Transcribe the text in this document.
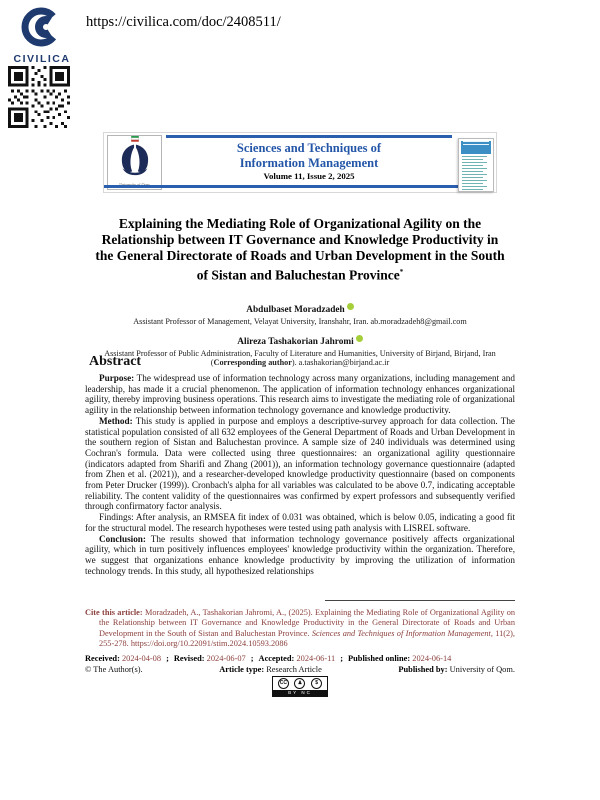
CIVILICA
https://civilica.com/doc/2408511/
Sciences and Techniques of
Information Management
Volume 11, Issue 2, 2025
Explaining the Mediating Role of Organizational Agility on the Relationship between IT Governance and Knowledge Productivity in the General Directorate of Roads and Urban Development in the South of Sistan and Baluchestan Province*
Abdulbaset Moradzadeh
Assistant Professor of Management, Velayat University, Iranshahr, Iran. ab.moradzadeh8@gmail.com
Alireza Tashakorian Jahromi
Assistant Professor of Public Administration, Faculty of Literature and Humanities, University of Birjand, Birjand, Iran (Corresponding author). a.tashakorian@birjand.ac.ir
Abstract

Purpose: The widespread use of information technology across many organizations, including management and leadership, has made it a crucial phenomenon. The application of information technology enhances organizational agility, thereby improving business operations. This research aims to investigate the mediating role of organizational agility in the relationship between information technology governance and knowledge productivity.

Method: This study is applied in purpose and employs a descriptive-survey approach for data collection. The statistical population consisted of all 632 employees of the General Department of Roads and Urban Development in the southern region of Sistan and Baluchestan province. A sample size of 240 individuals was determined using Cochran's formula. Data were collected using three questionnaires: an organizational agility questionnaire (indicators adapted from Sharifi and Zhang (2001)), an information technology governance questionnaire (adapted from Zhen et al. (2021)), and a researcher-developed knowledge productivity questionnaire (based on components from Peter Drucker (1999)). Cronbach's alpha for all variables was calculated to be above 0.7, indicating acceptable reliability. The content validity of the questionnaires was confirmed by expert professors and subsequently verified through confirmatory factor analysis.

Findings: After analysis, an RMSEA fit index of 0.031 was obtained, which is below 0.05, indicating a good fit for the structural model. The research hypotheses were tested using path analysis with LISREL software.

Conclusion: The results showed that information technology governance positively affects organizational agility, which in turn positively influences employees' knowledge productivity within the organization. Therefore, we suggest that organizations enhance knowledge productivity by improving the utilization of information technology trends. In this study, all hypothesized relationships

Cite this article: Moradzadeh, A., Tashakorian Jahromi, A., (2025). Explaining the Mediating Role of Organizational Agility on the Relationship between IT Governance and Knowledge Productivity in the General Directorate of Roads and Urban Development in the South of Sistan and Baluchestan Province. Sciences and Techniques of Information Management, 11(2), 255-278. https://doi.org/10.22091/stim.2024.10593.2086

Received: 2024-04-08 ; Revised: 2024-06-07 ; Accepted: 2024-06-11 ; Published online: 2024-06-14
© The Author(s).	Article type: Research Article	Published by: University of Qom.
CC	♟	$
BY NC
